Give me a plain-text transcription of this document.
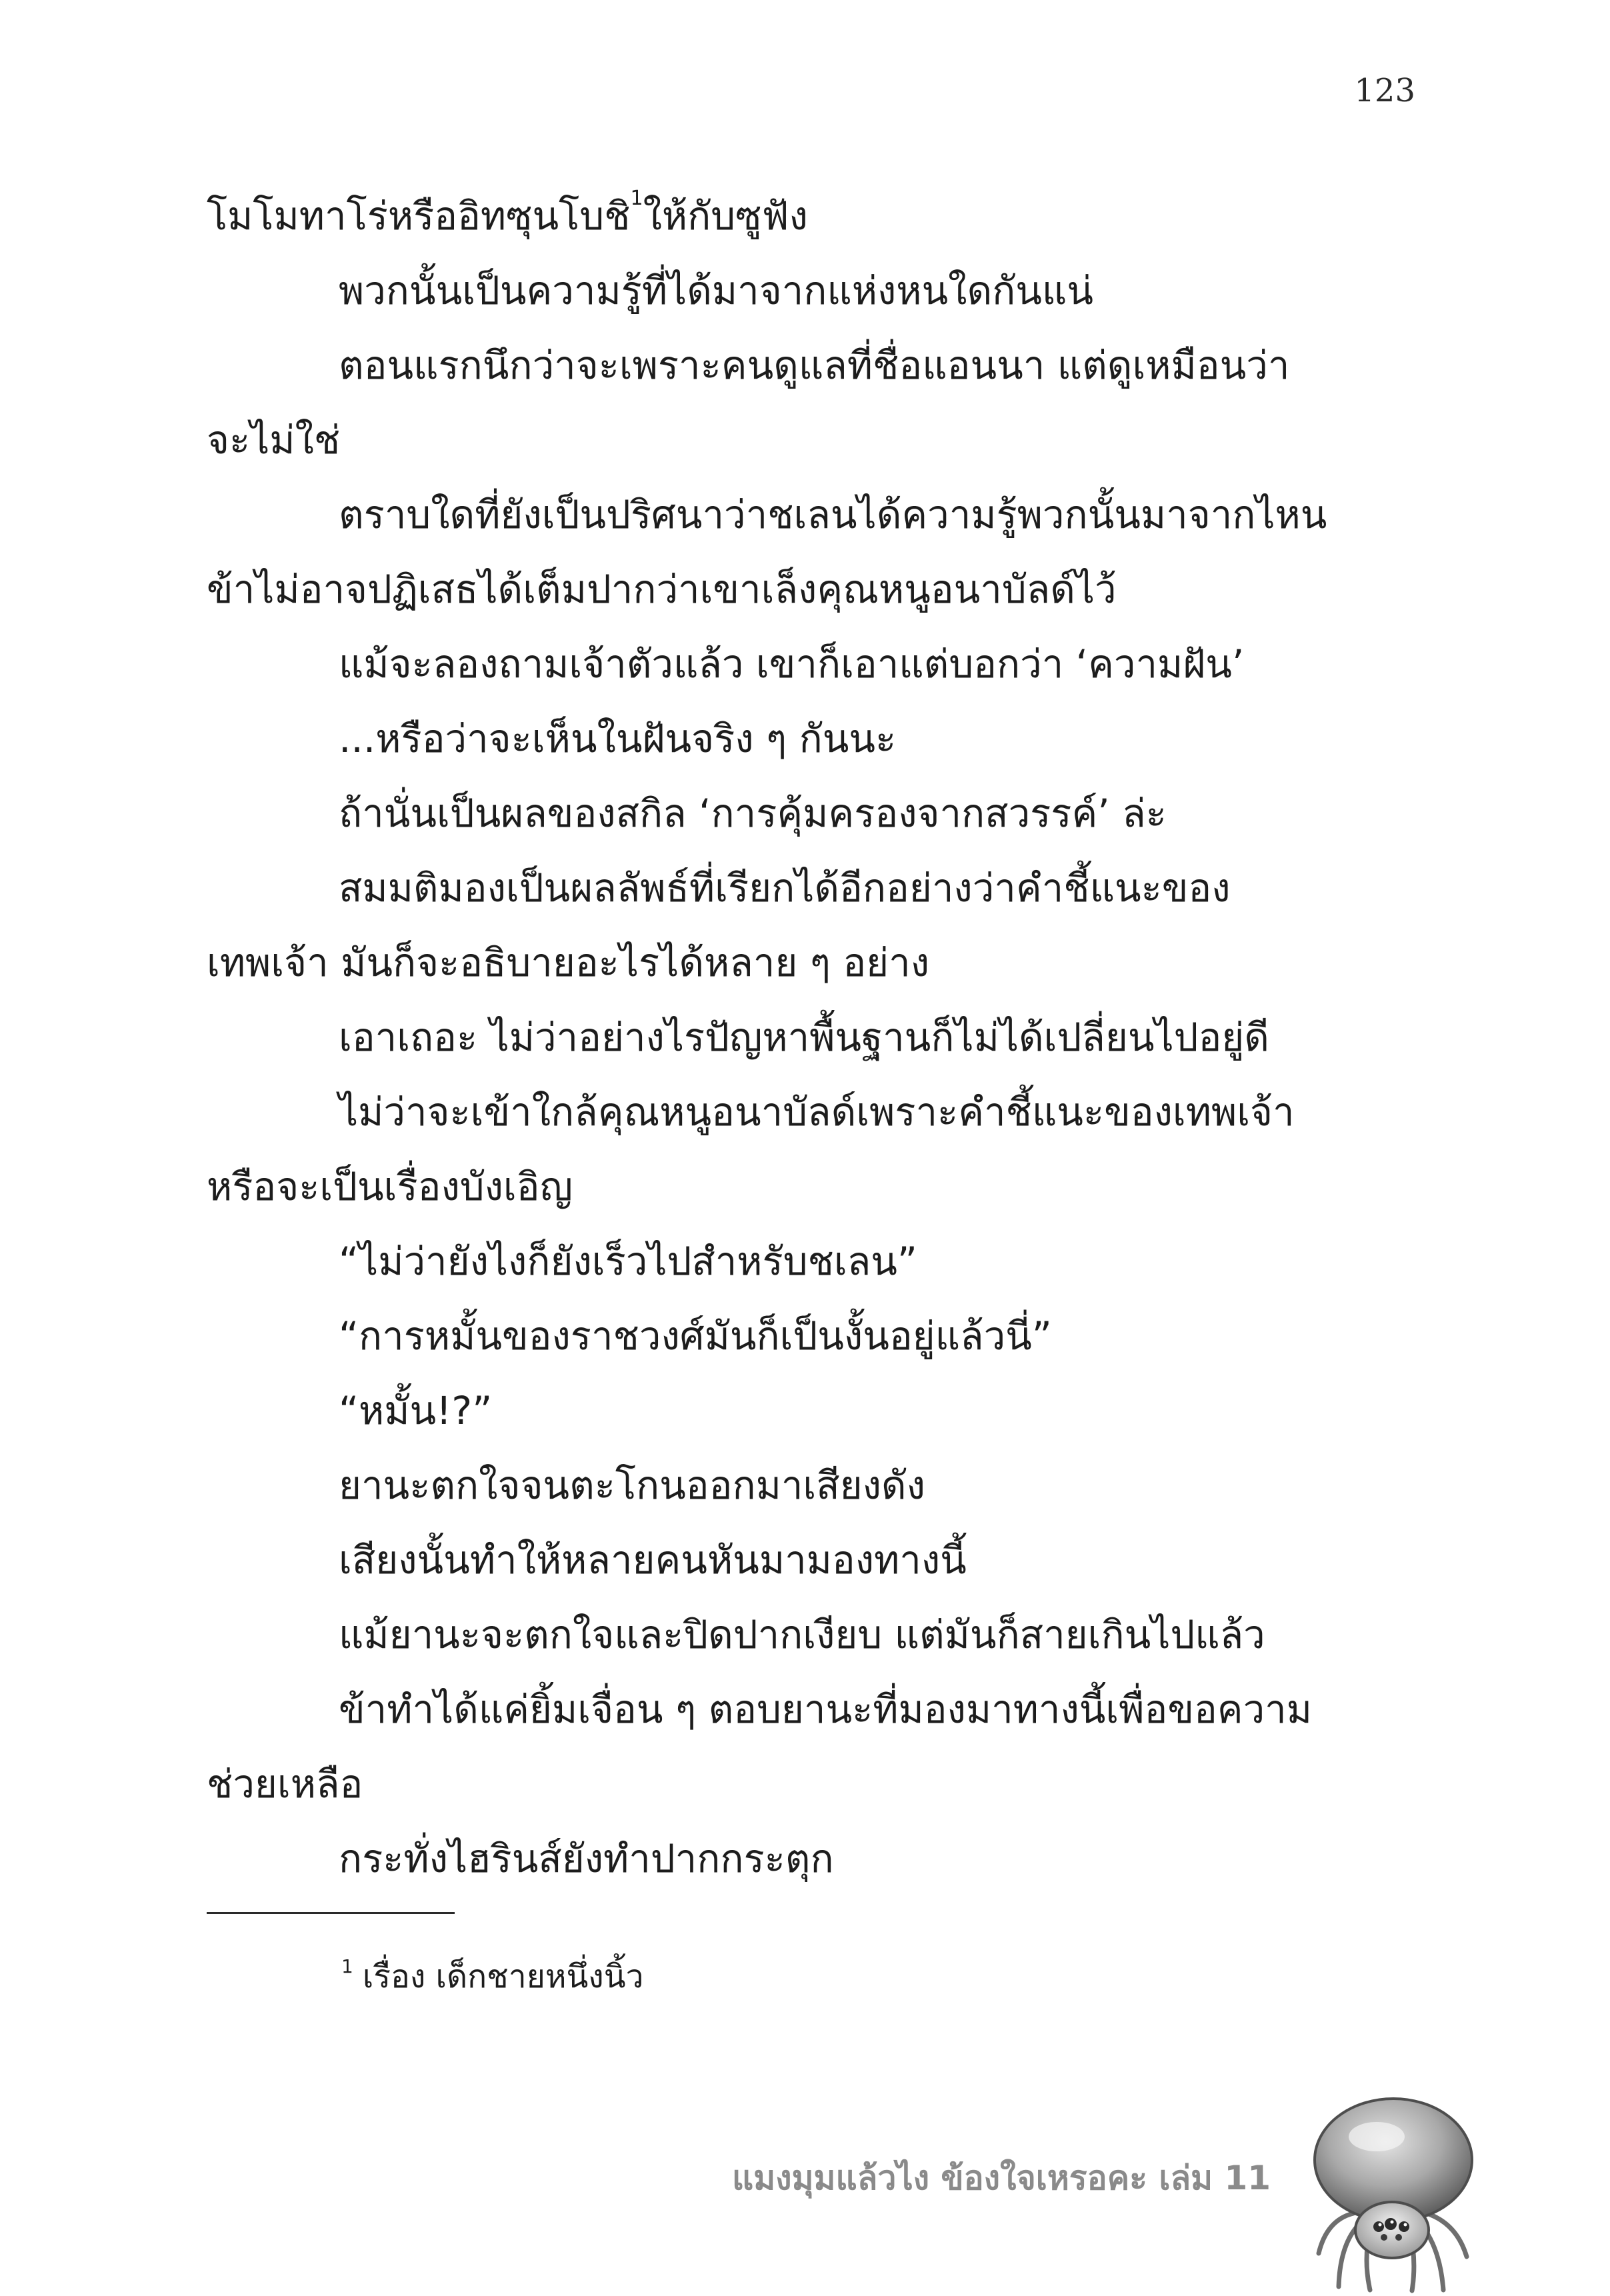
123
โมโมทาโร่หรืออิทซุนโบชิ$^1$ให้กับซูฟัง
พวกนั้นเป็นความรู้ที่ได้มาจากแห่งหนใดกันแน่
ตอนแรกนึกว่าจะเพราะคนดูแลที่ชื่อแอนนา แต่ดูเหมือนว่า
จะไม่ใช่
ตราบใดที่ยังเป็นปริศนาว่าชเลนได้ความรู้พวกนั้นมาจากไหน
ข้าไม่อาจปฏิเสธได้เต็มปากว่าเขาเล็งคุณหนูอนาบัลด์ไว้
แม้จะลองถามเจ้าตัวแล้ว เขาก็เอาแต่บอกว่า ‘ความฝัน’
...หรือว่าจะเห็นในฝันจริง ๆ กันนะ
ถ้านั่นเป็นผลของสกิล ‘การคุ้มครองจากสวรรค์’ ล่ะ
สมมติมองเป็นผลลัพธ์ที่เรียกได้อีกอย่างว่าคำชี้แนะของ
เทพเจ้า มันก็จะอธิบายอะไรได้หลาย ๆ อย่าง
เอาเถอะ ไม่ว่าอย่างไรปัญหาพื้นฐานก็ไม่ได้เปลี่ยนไปอยู่ดี
ไม่ว่าจะเข้าใกล้คุณหนูอนาบัลด์เพราะคำชี้แนะของเทพเจ้า
หรือจะเป็นเรื่องบังเอิญ
“ไม่ว่ายังไงก็ยังเร็วไปสำหรับชเลน”
“การหมั้นของราชวงศ์มันก็เป็นงั้นอยู่แล้วนี่”
“หมั้น!?”
ยานะตกใจจนตะโกนออกมาเสียงดัง
เสียงนั้นทำให้หลายคนหันมามองทางนี้
แม้ยานะจะตกใจและปิดปากเงียบ แต่มันก็สายเกินไปแล้ว
ข้าทำได้แค่ยิ้มเจื่อน ๆ ตอบยานะที่มองมาทางนี้เพื่อขอความ
ช่วยเหลือ
กระทั่งไฮรินส์ยังทำปากกระตุก
$^1$ เรื่อง เด็กชายหนึ่งนิ้ว
แมงมุมแล้วไง ข้องใจเหรอคะ เล่ม 11
